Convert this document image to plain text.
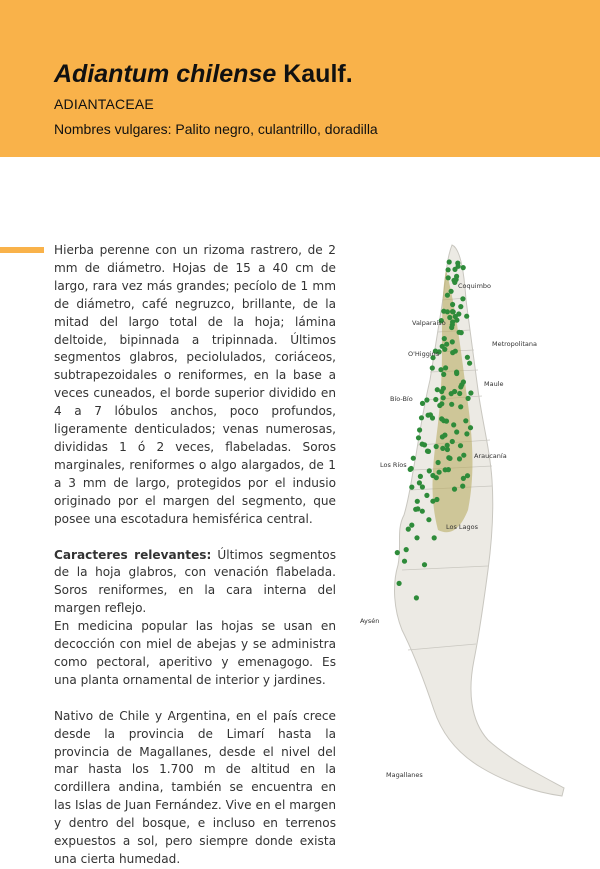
Adiantum chilense Kaulf.
ADIANTACEAE
Nombres vulgares: Palito negro, culantrillo, doradilla

Hierba perenne con un rizoma rastrero, de 2 mm de diámetro. Hojas de 15 a 40 cm de largo, rara vez más grandes; pecíolo de 1 mm de diámetro, café negruzco, brillante, de la mitad del largo total de la hoja; lámina deltoide, bipinnada a tripinnada. Últimos segmentos glabros, peciolulados, coriáceos, subtrapezoidales o reniformes, en la base a veces cuneados, el borde superior dividido en 4 a 7 lóbulos anchos, poco profundos, ligeramente denticulados; venas numerosas, divididas 1 ó 2 veces, flabeladas. Soros marginales, reniformes o algo alargados, de 1 a 3 mm de largo, protegidos por el indusio originado por el margen del segmento, que posee una escotadura hemisférica central.

Caracteres relevantes: Últimos segmentos de la hoja glabros, con venación flabelada. Soros reniformes, en la cara interna del margen reflejo.

En medicina popular las hojas se usan en decocción con miel de abejas y se administra como pectoral, aperitivo y emenagogo. Es una planta ornamental de interior y jardines.

Nativo de Chile y Argentina, en el país crece desde la provincia de Limarí hasta la provincia de Magallanes, desde el nivel del mar hasta los 1.700 m de altitud en la cordillera andina, también se encuentra en las Islas de Juan Fernández. Vive en el margen y dentro del bosque, e incluso en terrenos expuestos a sol, pero siempre donde exista una cierta humedad.

Coquimbo
Valparaíso
Metropolitana
O'Higgins
Maule
Bío-Bío
Araucanía
Los Ríos
Los Lagos
Aysén
Magallanes
